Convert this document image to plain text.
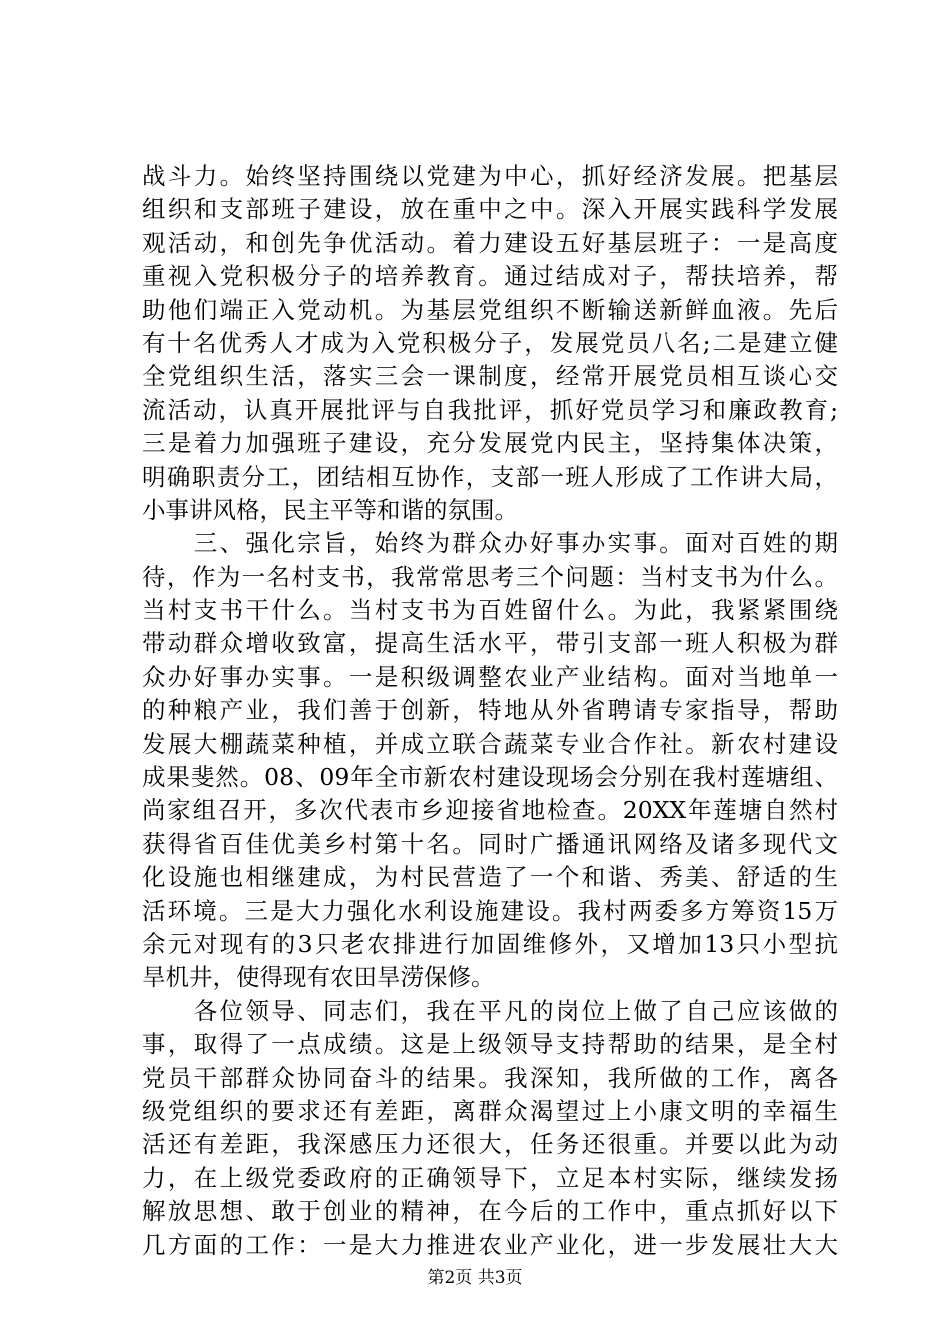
战斗力。始终坚持围绕以党建为中心，抓好经济发展。把基层
组织和支部班子建设，放在重中之中。深入开展实践科学发展
观活动，和创先争优活动。着力建设五好基层班子：一是高度
重视入党积极分子的培养教育。通过结成对子，帮扶培养，帮
助他们端正入党动机。为基层党组织不断输送新鲜血液。先后
有十名优秀人才成为入党积极分子，发展党员八名;二是建立健
全党组织生活，落实三会一课制度，经常开展党员相互谈心交
流活动，认真开展批评与自我批评，抓好党员学习和廉政教育;
三是着力加强班子建设，充分发展党内民主，坚持集体决策，
明确职责分工，团结相互协作，支部一班人形成了工作讲大局，
小事讲风格，民主平等和谐的氛围。
　　三、强化宗旨，始终为群众办好事办实事。面对百姓的期
待，作为一名村支书，我常常思考三个问题：当村支书为什么。
当村支书干什么。当村支书为百姓留什么。为此，我紧紧围绕
带动群众增收致富，提高生活水平，带引支部一班人积极为群
众办好事办实事。一是积级调整农业产业结构。面对当地单一
的种粮产业，我们善于创新，特地从外省聘请专家指导，帮助
发展大棚蔬菜种植，并成立联合蔬菜专业合作社。新农村建设
成果斐然。08、09年全市新农村建设现场会分别在我村莲塘组、
尚家组召开，多次代表市乡迎接省地检查。20XX年莲塘自然村
获得省百佳优美乡村第十名。同时广播通讯网络及诸多现代文
化设施也相继建成，为村民营造了一个和谐、秀美、舒适的生
活环境。三是大力强化水利设施建设。我村两委多方筹资15万
余元对现有的3只老农排进行加固维修外，又增加13只小型抗
旱机井，使得现有农田旱涝保修。
　　各位领导、同志们，我在平凡的岗位上做了自己应该做的
事，取得了一点成绩。这是上级领导支持帮助的结果，是全村
党员干部群众协同奋斗的结果。我深知，我所做的工作，离各
级党组织的要求还有差距，离群众渴望过上小康文明的幸福生
活还有差距，我深感压力还很大，任务还很重。并要以此为动
力，在上级党委政府的正确领导下，立足本村实际，继续发扬
解放思想、敢于创业的精神，在今后的工作中，重点抓好以下
几方面的工作：一是大力推进农业产业化，进一步发展壮大大
第2页 共3页
